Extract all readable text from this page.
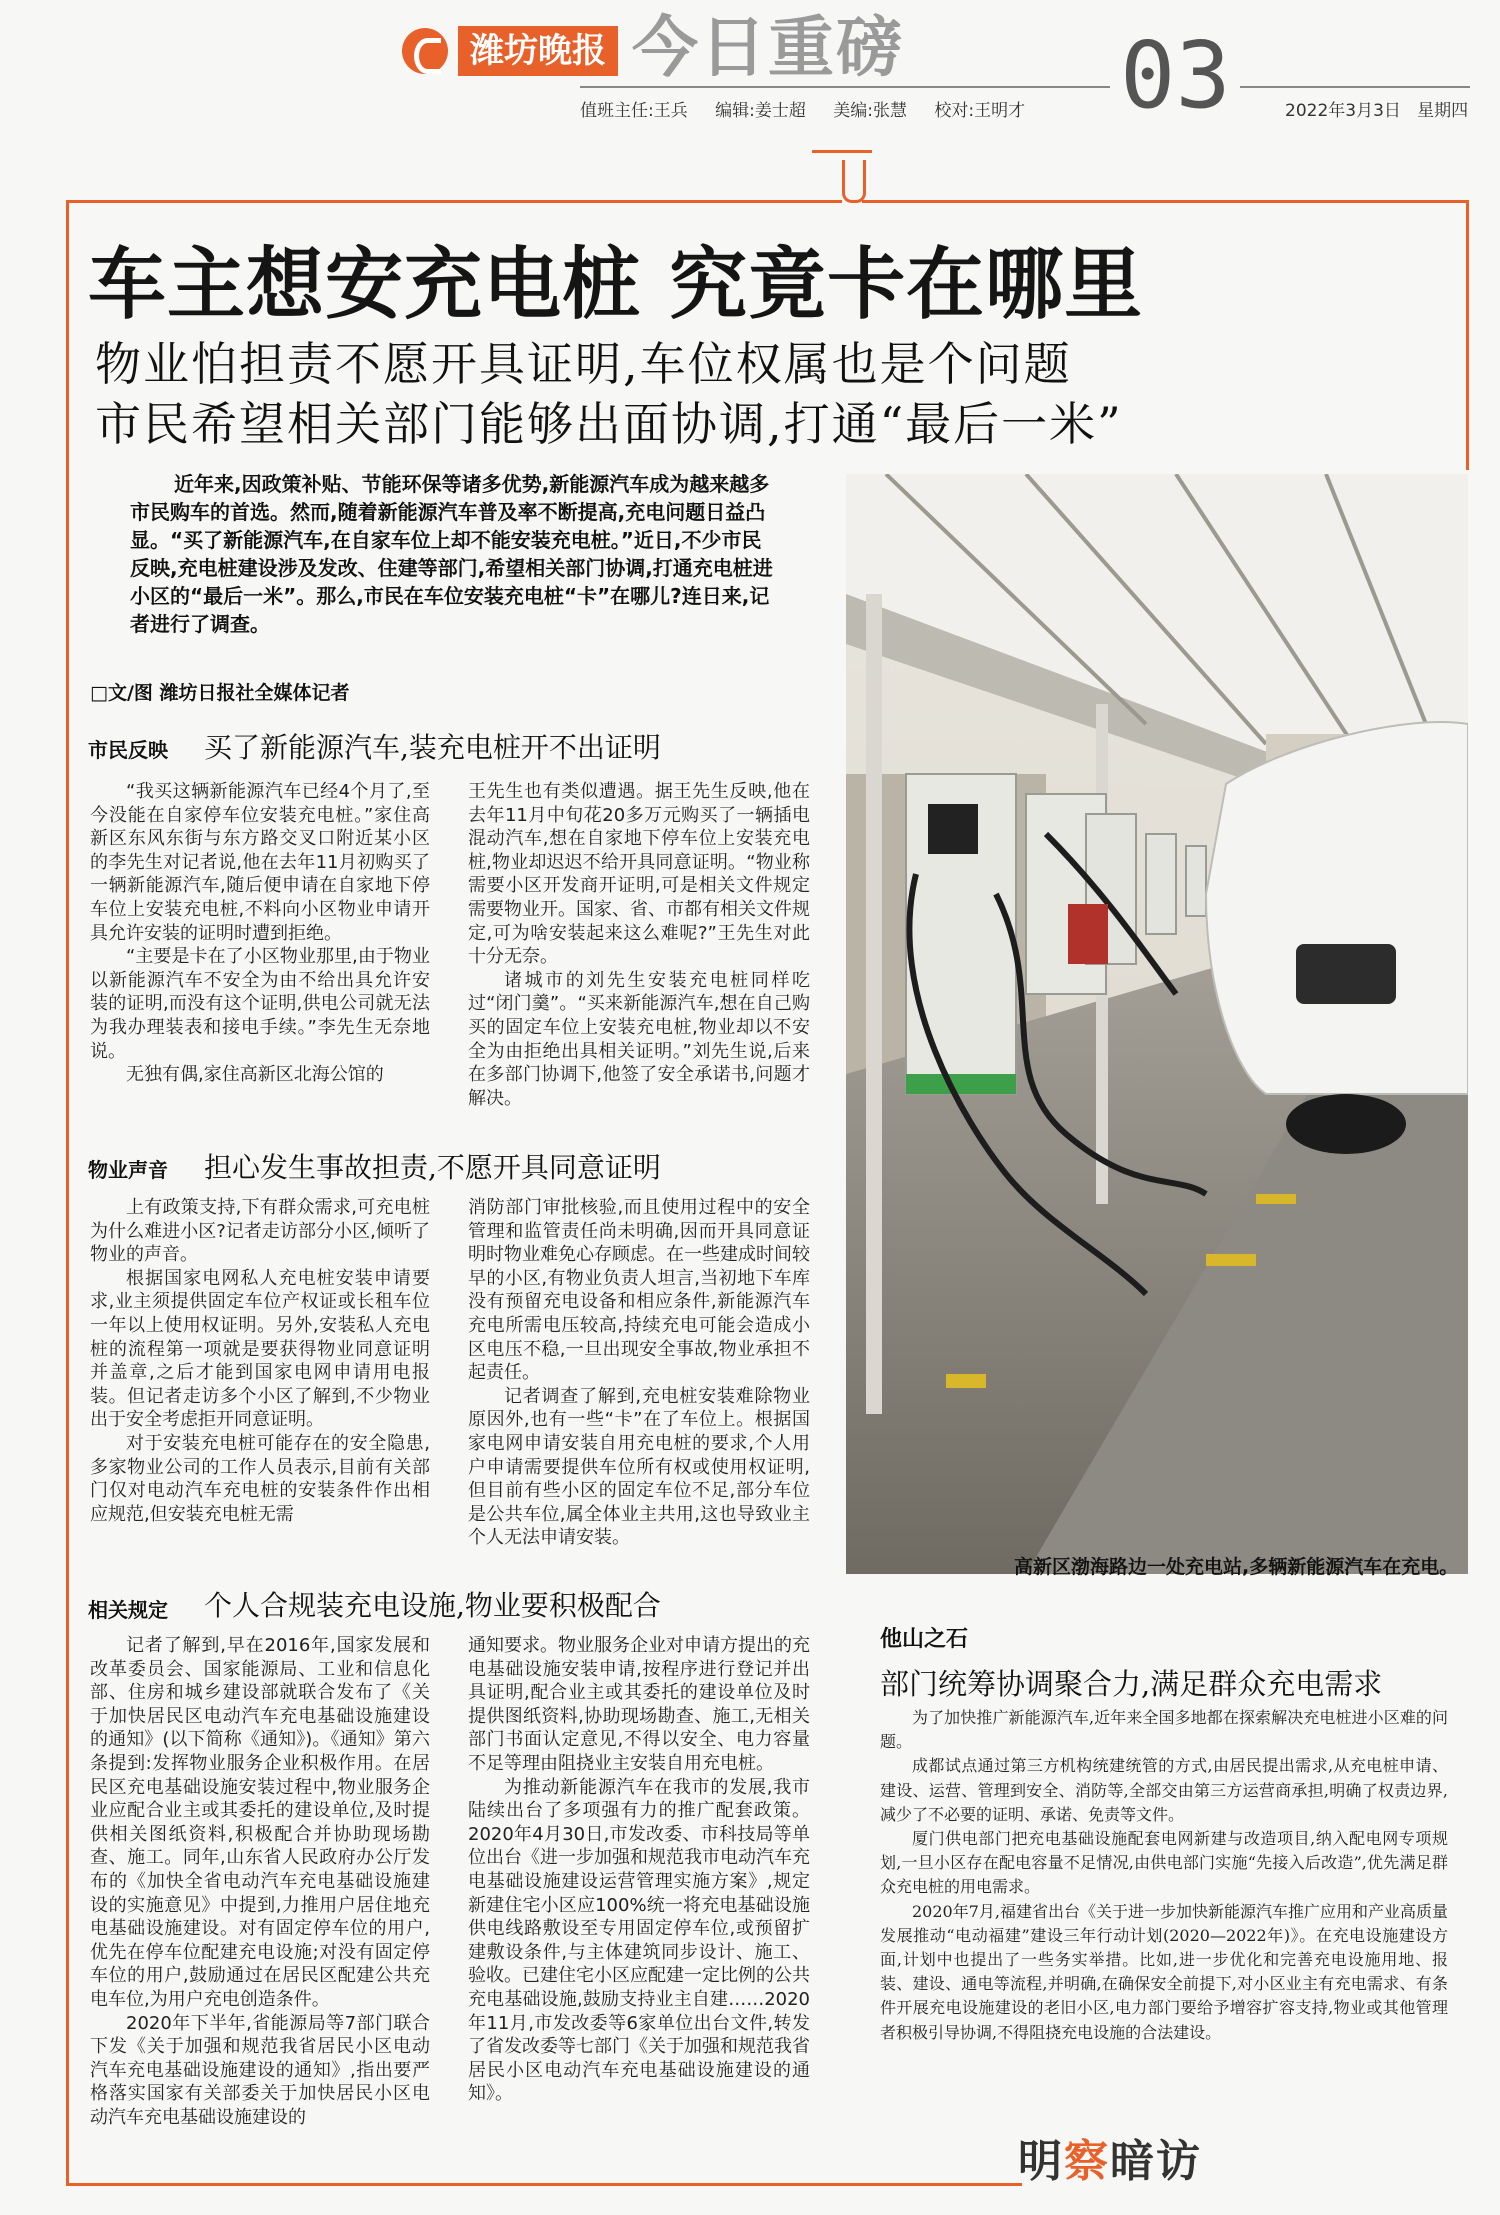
潍坊晚报 今日重磅 03
值班主任:王兵 编辑:姜士超 美编:张慧 校对:王明才	2022年3月3日 星期四
车主想安充电桩 究竟卡在哪里
物业怕担责不愿开具证明,车位权属也是个问题
市民希望相关部门能够出面协调,打通“最后一米”
近年来,因政策补贴、节能环保等诸多优势,新能源汽车成为越来越多市民购车的首选。然而,随着新能源汽车普及率不断提高,充电问题日益凸显。“买了新能源汽车,在自家车位上却不能安装充电桩。”近日,不少市民反映,充电桩建设涉及发改、住建等部门,希望相关部门协调,打通充电桩进小区的“最后一米”。那么,市民在车位安装充电桩“卡”在哪儿?连日来,记者进行了调查。
□文/图 潍坊日报社全媒体记者
市民反映 买了新能源汽车,装充电桩开不出证明

“我买这辆新能源汽车已经4个月了,至今没能在自家停车位安装充电桩。”家住高新区东风东街与东方路交叉口附近某小区的李先生对记者说,他在去年11月初购买了一辆新能源汽车,随后便申请在自家地下停车位上安装充电桩,不料向小区物业申请开具允许安装的证明时遭到拒绝。

“主要是卡在了小区物业那里,由于物业以新能源汽车不安全为由不给出具允许安装的证明,而没有这个证明,供电公司就无法为我办理装表和接电手续。”李先生无奈地说。

无独有偶,家住高新区北海公馆的

王先生也有类似遭遇。据王先生反映,他在去年11月中旬花20多万元购买了一辆插电混动汽车,想在自家地下停车位上安装充电桩,物业却迟迟不给开具同意证明。“物业称需要小区开发商开证明,可是相关文件规定需要物业开。国家、省、市都有相关文件规定,可为啥安装起来这么难呢?”王先生对此十分无奈。

诸城市的刘先生安装充电桩同样吃过“闭门羹”。“买来新能源汽车,想在自己购买的固定车位上安装充电桩,物业却以不安全为由拒绝出具相关证明。”刘先生说,后来在多部门协调下,他签了安全承诺书,问题才解决。

物业声音 担心发生事故担责,不愿开具同意证明

上有政策支持,下有群众需求,可充电桩为什么难进小区?记者走访部分小区,倾听了物业的声音。

根据国家电网私人充电桩安装申请要求,业主须提供固定车位产权证或长租车位一年以上使用权证明。另外,安装私人充电桩的流程第一项就是要获得物业同意证明并盖章,之后才能到国家电网申请用电报装。但记者走访多个小区了解到,不少物业出于安全考虑拒开同意证明。

对于安装充电桩可能存在的安全隐患,多家物业公司的工作人员表示,目前有关部门仅对电动汽车充电桩的安装条件作出相应规范,但安装充电桩无需

消防部门审批核验,而且使用过程中的安全管理和监管责任尚未明确,因而开具同意证明时物业难免心存顾虑。在一些建成时间较早的小区,有物业负责人坦言,当初地下车库没有预留充电设备和相应条件,新能源汽车充电所需电压较高,持续充电可能会造成小区电压不稳,一旦出现安全事故,物业承担不起责任。

记者调查了解到,充电桩安装难除物业原因外,也有一些“卡”在了车位上。根据国家电网申请安装自用充电桩的要求,个人用户申请需要提供车位所有权或使用权证明,但目前有些小区的固定车位不足,部分车位是公共车位,属全体业主共用,这也导致业主个人无法申请安装。

相关规定 个人合规装充电设施,物业要积极配合

记者了解到,早在2016年,国家发展和改革委员会、国家能源局、工业和信息化部、住房和城乡建设部就联合发布了《关于加快居民区电动汽车充电基础设施建设的通知》(以下简称《通知》)。《通知》第六条提到:发挥物业服务企业积极作用。在居民区充电基础设施安装过程中,物业服务企业应配合业主或其委托的建设单位,及时提供相关图纸资料,积极配合并协助现场勘查、施工。同年,山东省人民政府办公厅发布的《加快全省电动汽车充电基础设施建设的实施意见》中提到,力推用户居住地充电基础设施建设。对有固定停车位的用户,优先在停车位配建充电设施;对没有固定停车位的用户,鼓励通过在居民区配建公共充电车位,为用户充电创造条件。

2020年下半年,省能源局等7部门联合下发《关于加强和规范我省居民小区电动汽车充电基础设施建设的通知》,指出要严格落实国家有关部委关于加快居民小区电动汽车充电基础设施建设的

通知要求。物业服务企业对申请方提出的充电基础设施安装申请,按程序进行登记并出具证明,配合业主或其委托的建设单位及时提供图纸资料,协助现场勘查、施工,无相关部门书面认定意见,不得以安全、电力容量不足等理由阻挠业主安装自用充电桩。

为推动新能源汽车在我市的发展,我市陆续出台了多项强有力的推广配套政策。2020年4月30日,市发改委、市科技局等单位出台《进一步加强和规范我市电动汽车充电基础设施建设运营管理实施方案》,规定新建住宅小区应100%统一将充电基础设施供电线路敷设至专用固定停车位,或预留扩建敷设条件,与主体建筑同步设计、施工、验收。已建住宅小区应配建一定比例的公共充电基础设施,鼓励支持业主自建……2020年11月,市发改委等6家单位出台文件,转发了省发改委等七部门《关于加强和规范我省居民小区电动汽车充电基础设施建设的通知》。

高新区渤海路边一处充电站,多辆新能源汽车在充电。
他山之石
部门统筹协调聚合力,满足群众充电需求

为了加快推广新能源汽车,近年来全国多地都在探索解决充电桩进小区难的问题。

成都试点通过第三方机构统建统管的方式,由居民提出需求,从充电桩申请、建设、运营、管理到安全、消防等,全部交由第三方运营商承担,明确了权责边界,减少了不必要的证明、承诺、免责等文件。

厦门供电部门把充电基础设施配套电网新建与改造项目,纳入配电网专项规划,一旦小区存在配电容量不足情况,由供电部门实施“先接入后改造”,优先满足群众充电桩的用电需求。

2020年7月,福建省出台《关于进一步加快新能源汽车推广应用和产业高质量发展推动“电动福建”建设三年行动计划(2020—2022年)》。在充电设施建设方面,计划中也提出了一些务实举措。比如,进一步优化和完善充电设施用地、报装、建设、通电等流程,并明确,在确保安全前提下,对小区业主有充电需求、有条件开展充电设施建设的老旧小区,电力部门要给予增容扩容支持,物业或其他管理者积极引导协调,不得阻挠充电设施的合法建设。

明察暗访
